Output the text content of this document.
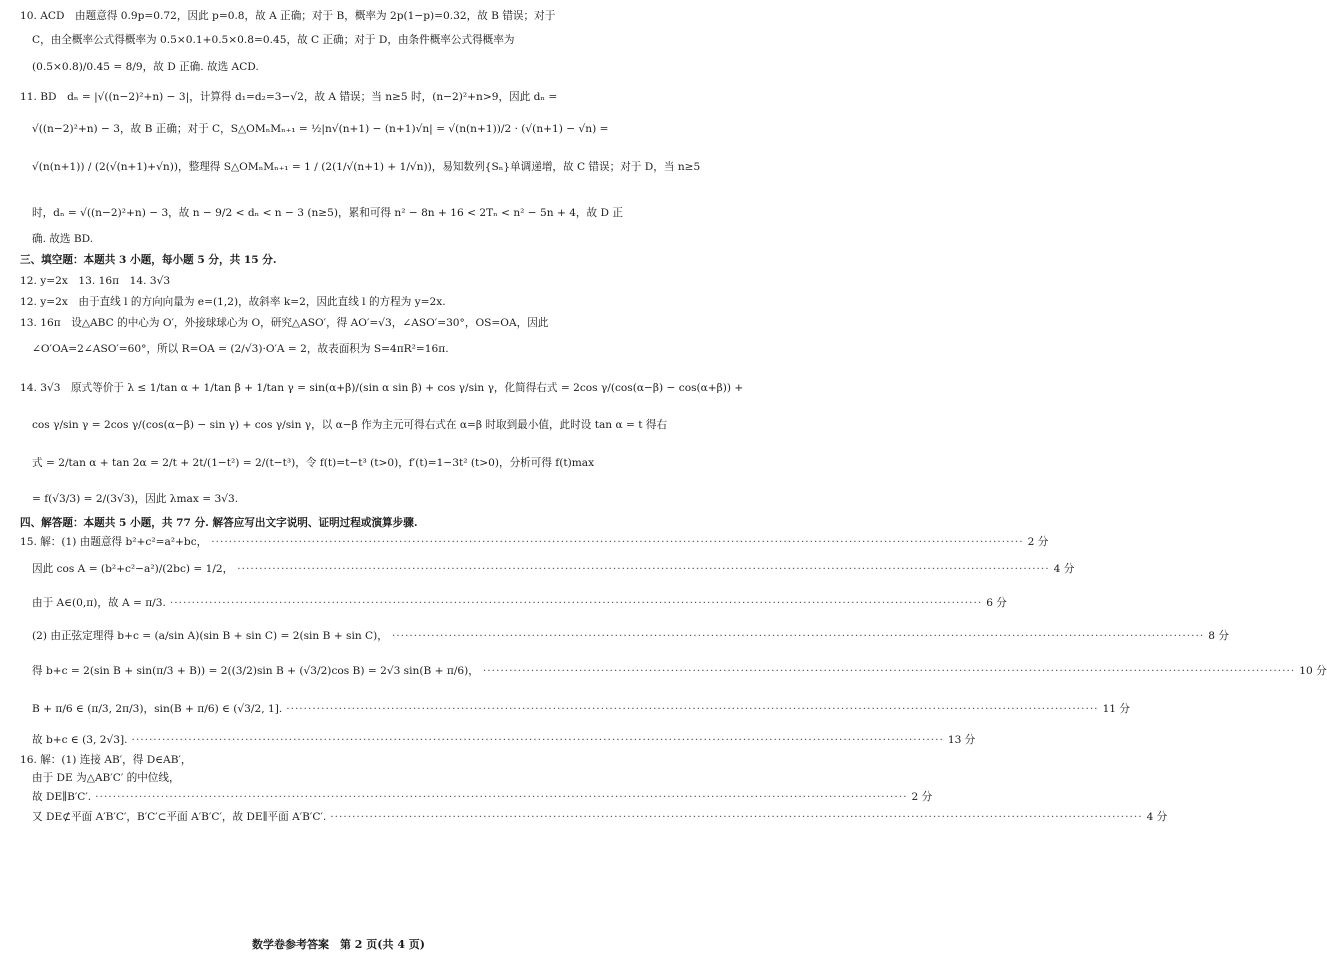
10. ACD　由题意得 0.9p=0.72，因此 p=0.8，故 A 正确；对于 B，概率为 2p(1−p)=0.32，故 B 错误；对于
C，由全概率公式得概率为 0.5×0.1+0.5×0.8=0.45，故 C 正确；对于 D，由条件概率公式得概率为
(0.5×0.8)/0.45 = 8/9，故 D 正确. 故选 ACD.
11. BD　dₙ = |√((n−2)²+n) − 3|，计算得 d₁=d₂=3−√2，故 A 错误；当 n≥5 时，(n−2)²+n>9，因此 dₙ =
√((n−2)²+n) − 3，故 B 正确；对于 C，S△OMₙMₙ₊₁ = ½|n√(n+1) − (n+1)√n| = √(n(n+1))/2 · (√(n+1) − √n) =
√(n(n+1)) / (2(√(n+1)+√n))，整理得 S△OMₙMₙ₊₁ = 1 / (2(1/√(n+1) + 1/√n))，易知数列{Sₙ}单调递增，故 C 错误；对于 D，当 n≥5
时，dₙ = √((n−2)²+n) − 3，故 n − 9/2 < dₙ < n − 3 (n≥5)，累和可得 n² − 8n + 16 < 2Tₙ < n² − 5n + 4，故 D 正
确. 故选 BD.
三、填空题：本题共 3 小题，每小题 5 分，共 15 分.
12. y=2x　13. 16π　14. 3√3
12. y=2x　由于直线 l 的方向向量为 e=(1,2)，故斜率 k=2，因此直线 l 的方程为 y=2x.
13. 16π　设△ABC 的中心为 O′，外接球球心为 O，研究△ASO′，得 AO′=√3，∠ASO′=30°，OS=OA，因此
∠O′OA=2∠ASO′=60°，所以 R=OA = (2/√3)·O′A = 2，故表面积为 S=4πR²=16π.
14. 3√3　原式等价于 λ ≤ 1/tan α + 1/tan β + 1/tan γ = sin(α+β)/(sin α sin β) + cos γ/sin γ，化简得右式 = 2cos γ/(cos(α−β) − cos(α+β)) +
cos γ/sin γ = 2cos γ/(cos(α−β) − sin γ) + cos γ/sin γ，以 α−β 作为主元可得右式在 α=β 时取到最小值，此时设 tan α = t 得右
式 = 2/tan α + tan 2α = 2/t + 2t/(1−t²) = 2/(t−t³)，令 f(t)=t−t³ (t>0)，f′(t)=1−3t² (t>0)，分析可得 f(t)max
= f(√3/3) = 2/(3√3)，因此 λmax = 3√3.
四、解答题：本题共 5 小题，共 77 分. 解答应写出文字说明、证明过程或演算步骤.
15. 解：(1) 由题意得 b²+c²=a²+bc， ·····	2 分
因此 cos A = (b²+c²−a²)/(2bc) = 1/2， ·····	4 分
由于 A∈(0,π)，故 A = π/3. ·····	6 分
(2) 由正弦定理得 b+c = (a/sin A)(sin B + sin C) = 2(sin B + sin C)， ·····	8 分
得 b+c = 2(sin B + sin(π/3 + B)) = 2((3/2)sin B + (√3/2)cos B) = 2√3 sin(B + π/6)， ·····	10 分
B + π/6 ∈ (π/3, 2π/3)，sin(B + π/6) ∈ (√3/2, 1]. ·····	11 分
故 b+c ∈ (3, 2√3]. ·····	13 分
16. 解：(1) 连接 AB′，得 D∈AB′，
由于 DE 为△AB′C′ 的中位线，
故 DE∥B′C′. ·····	2 分
又 DE⊄平面 A′B′C′，B′C′⊂平面 A′B′C′，故 DE∥平面 A′B′C′. ·····	4 分
数学卷参考答案　第 2 页(共 4 页)
